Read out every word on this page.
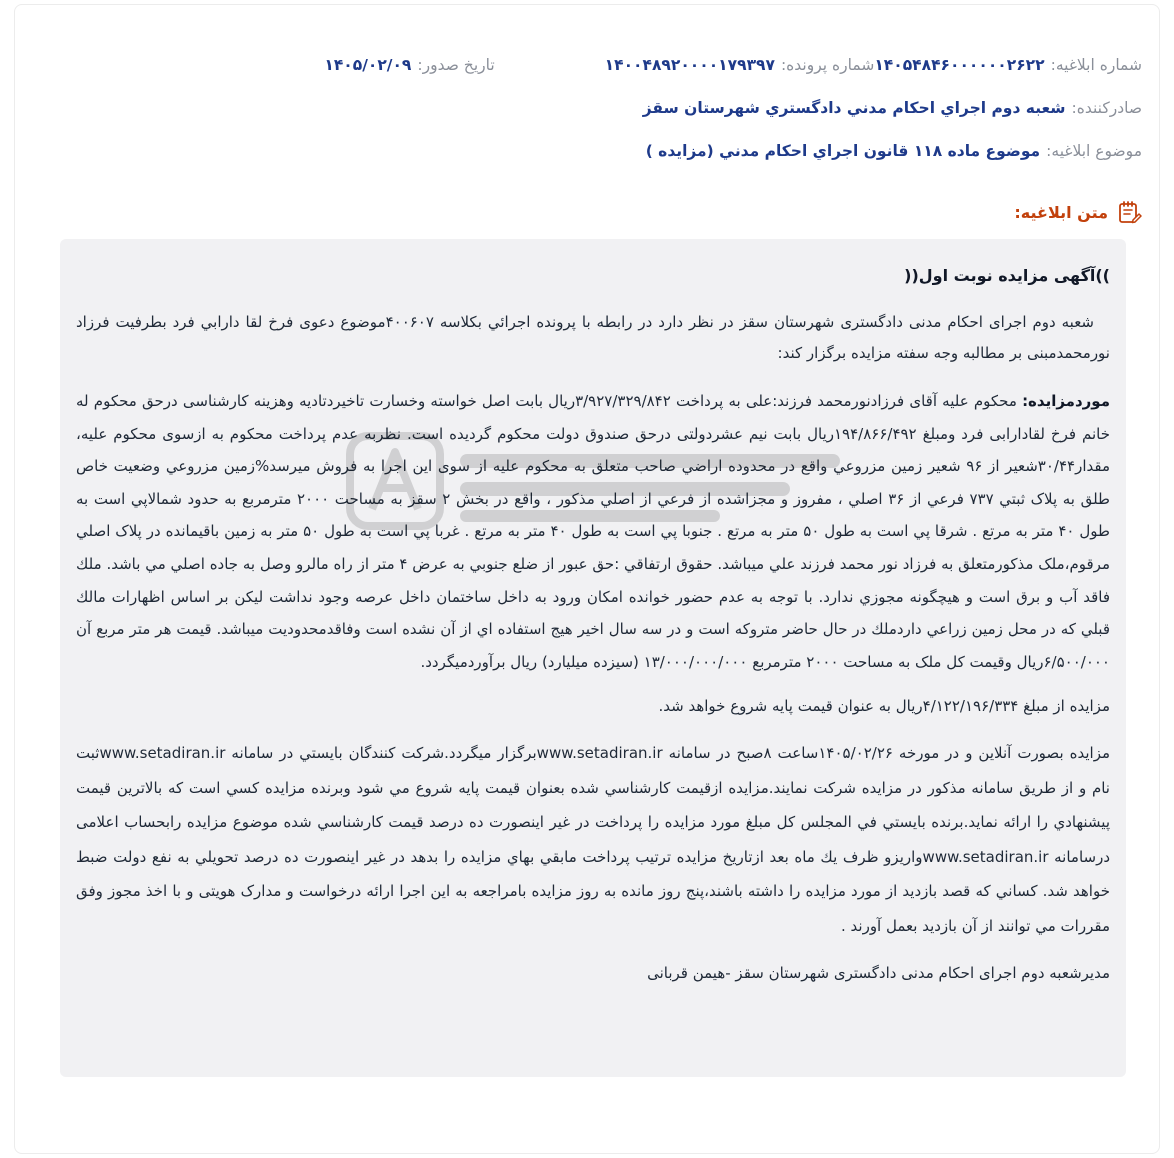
شماره ابلاغيه:
۱۴۰۵۴۸۴۶۰۰۰۰۰۰۲۶۲۲
شماره پرونده:
۱۴۰۰۴۸۹۲۰۰۰۰۱۷۹۳۹۷
تاريخ صدور:
۱۴۰۵/۰۲/۰۹
صادرکننده:
شعبه دوم اجراي احکام مدني دادگستري شهرستان سقز
موضوع ابلاغيه:
موضوع ماده ۱۱۸ قانون اجراي احکام مدني (مزايده )
متن ابلاغيه:

))آگهی مزایده نوبت اول((

شعبه دوم اجرای احکام مدنی دادگستری شهرستان سقز در نظر دارد در رابطه با پرونده اجرائي بکلاسه ۴۰۰۶۰۷موضوع دعوی فرخ لقا دارابي فرد بطرفیت فرزاد نورمحمدمبنی بر مطالبه وجه سفته مزایده برگزار کند:

موردمزایده: محکوم علیه آقای فرزادنورمحمد فرزند:علی به پرداخت ۳/۹۲۷/۳۲۹/۸۴۲ریال بابت اصل خواسته وخسارت تاخیردتادیه وهزینه کارشناسی درحق محکوم له خانم فرخ لقادارابی فرد ومبلغ ۱۹۴/۸۶۶/۴۹۲ریال بابت نیم عشردولتی درحق صندوق دولت محکوم گردیده است. نظربه عدم پرداخت محکوم به ازسوی محکوم علیه، مقدار۳۰/۴۴شعیر از ۹۶ شعير زمين مزروعي واقع در محدوده اراضي صاحب متعلق به محکوم علیه از سوی این اجرا به فروش میرسد%زمين مزروعي وضعيت خاص طلق به پلاک ثبتي ۷۳۷ فرعي از ۳۶ اصلي ، مفروز و مجزاشده از فرعي از اصلي مذکور ، واقع در بخش ۲ سقز به مساحت ۲۰۰۰ مترمربع به حدود شمالاپي است به طول ۴۰ متر به مرتع . شرقا پي است به طول ۵۰ متر به مرتع . جنوبا پي است به طول ۴۰ متر به مرتع . غربا پي است به طول ۵۰ متر به زمين باقيمانده در پلاک اصلي مرقوم،ملک مذکورمتعلق به فرزاد نور محمد فرزند علي ميباشد. حقوق ارتفاقي :حق عبور از ضلع جنوبي به عرض ۴ متر از راه مالرو وصل به جاده اصلي مي باشد. ملك فاقد آب و برق است و هيچگونه مجوزي ندارد. با توجه به عدم حضور خوانده امکان ورود به داخل ساختمان داخل عرصه وجود نداشت ليکن بر اساس اظهارات مالك قبلي كه در محل زمين زراعي داردملك در حال حاضر متروكه است و در سه سال اخير هيج استفاده اي از آن نشده است وفاقدمحدوديت ميباشد. قيمت هر متر مربع آن ۶/۵۰۰/۰۰۰ريال وقيمت کل ملک به مساحت ۲۰۰۰ مترمربع ۱۳/۰۰۰/۰۰۰/۰۰۰ (سيزده ميليارد) ريال برآوردميگردد.

مزایده از مبلغ ۴/۱۲۲/۱۹۶/۳۳۴ریال به عنوان قیمت پایه شروع خواهد شد.

مزایده بصورت آنلاین و در مورخه ۱۴۰۵/۰۲/۲۶ساعت ۸صبح در سامانه www.setadiran.irبرگزار میگردد.شرکت کنندگان بايستي در سامانه www.setadiran.irثبت نام و از طريق سامانه مذكور در مزايده شركت نمايند.مزايده ازقيمت کارشناسي شده بعنوان قيمت پايه شروع مي شود وبرنده مزايده کسي است که بالاترين قيمت پيشنهادي را ارائه نمايد.برنده بايستي في المجلس کل مبلغ مورد مزايده را پرداخت در غير اينصورت ده درصد قيمت کارشناسي شده موضوع مزايده رابحساب اعلامی درسامانه www.setadiran.irواريزو ظرف يك ماه بعد ازتاريخ مزايده ترتيب پرداخت مابقي بهاي مزايده را بدهد در غير اينصورت ده درصد تحويلي به نفع دولت ضبط خواهد شد. کساني که قصد بازديد از مورد مزايده را داشته باشند،پنج روز مانده به روز مزايده بامراجعه به اين اجرا ارائه درخواست و مدارک هويتی و با اخذ مجوز وفق مقررات مي توانند از آن بازديد بعمل آورند .

مدیرشعبه دوم اجرای احکام مدنی دادگستری شهرستان سقز -هیمن قربانی
